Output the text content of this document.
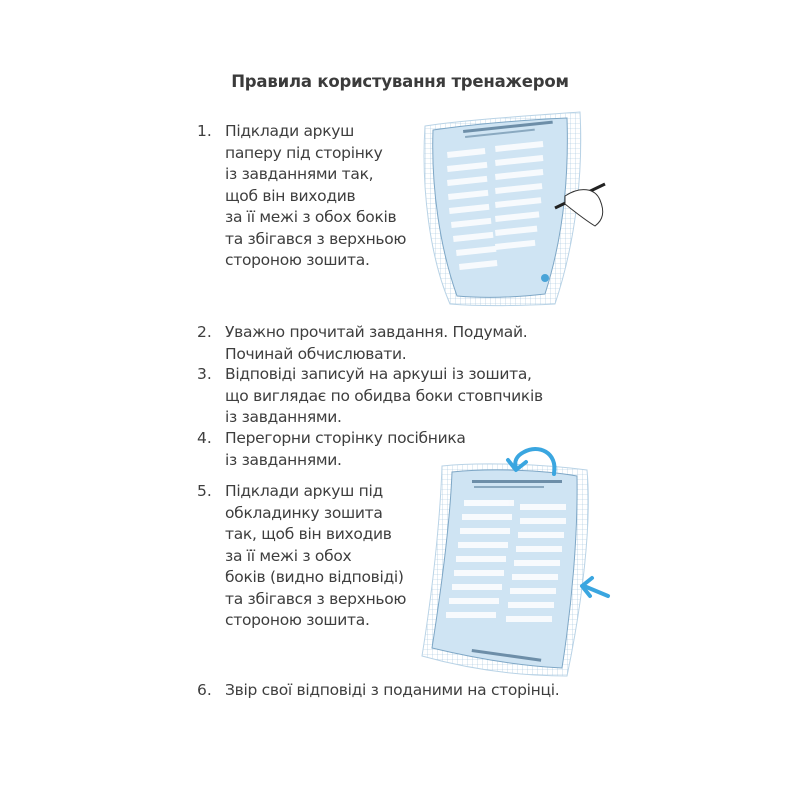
Правила користування тренажером
1. Підклади аркуш
паперу під сторінку
із завданнями так,
щоб він виходив
за її межі з обох боків
та збігався з верхньою
стороною зошита.
2. Уважно прочитай завдання. Подумай.
Починай обчислювати.
3. Відповіді записуй на аркуші із зошита,
що виглядає по обидва боки стовпчиків
із завданнями.
4. Перегорни сторінку посібника
із завданнями.
5. Підклади аркуш під
обкладинку зошита
так, щоб він виходив
за її межі з обох
боків (видно відповіді)
та збігався з верхньою
стороною зошита.
6. Звір свої відповіді з поданими на сторінці.
